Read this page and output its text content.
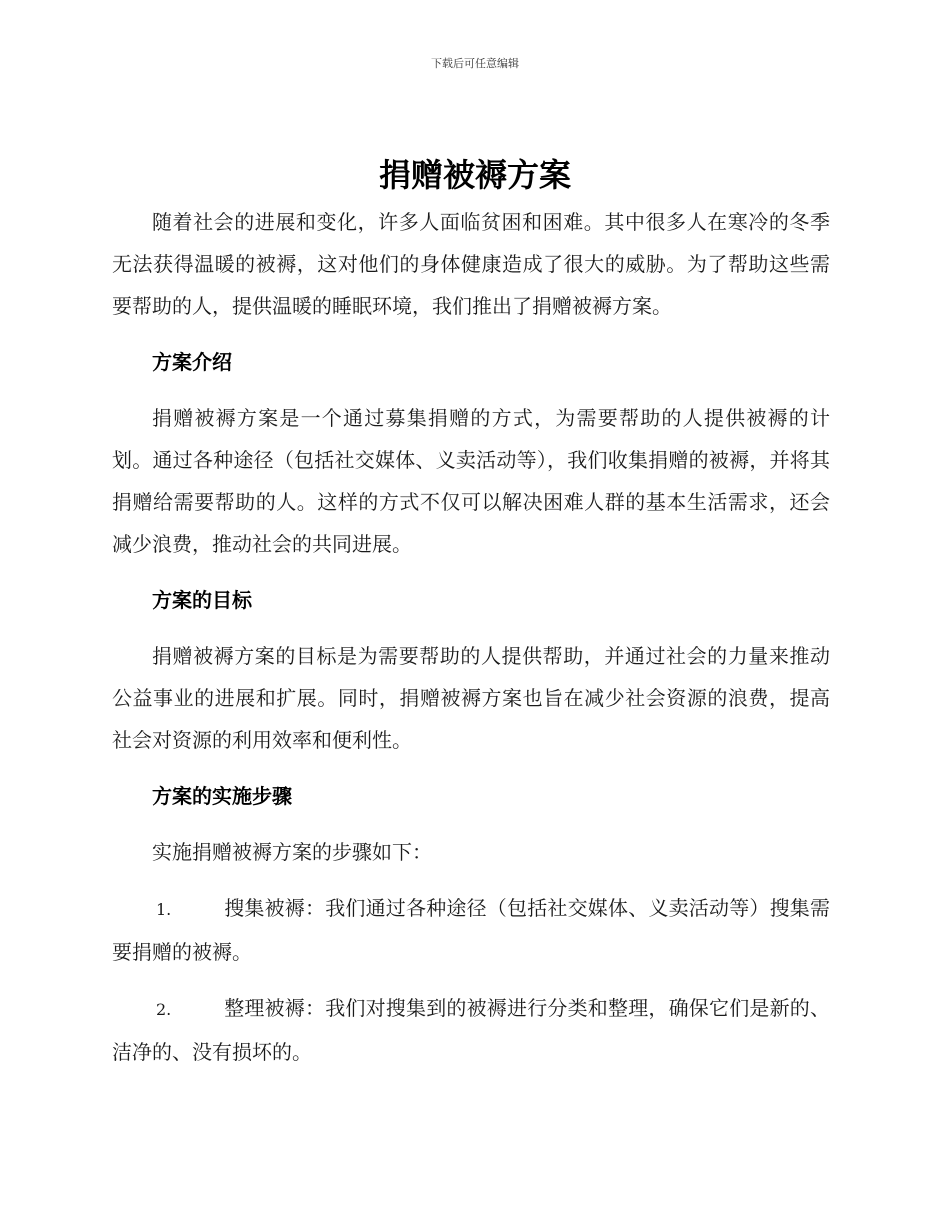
下载后可任意编辑
捐赠被褥方案

随着社会的进展和变化，许多人面临贫困和困难。其中很多人在寒冷的冬季无法获得温暖的被褥，这对他们的身体健康造成了很大的威胁。为了帮助这些需要帮助的人，提供温暖的睡眠环境，我们推出了捐赠被褥方案。

方案介绍

捐赠被褥方案是一个通过募集捐赠的方式，为需要帮助的人提供被褥的计划。通过各种途径（包括社交媒体、义卖活动等），我们收集捐赠的被褥，并将其捐赠给需要帮助的人。这样的方式不仅可以解决困难人群的基本生活需求，还会减少浪费，推动社会的共同进展。

方案的目标

捐赠被褥方案的目标是为需要帮助的人提供帮助，并通过社会的力量来推动公益事业的进展和扩展。同时，捐赠被褥方案也旨在减少社会资源的浪费，提高社会对资源的利用效率和便利性。

方案的实施步骤

实施捐赠被褥方案的步骤如下：

1.	搜集被褥：我们通过各种途径（包括社交媒体、义卖活动等）搜集需要捐赠的被褥。
2.	整理被褥：我们对搜集到的被褥进行分类和整理，确保它们是新的、洁净的、没有损坏的。
